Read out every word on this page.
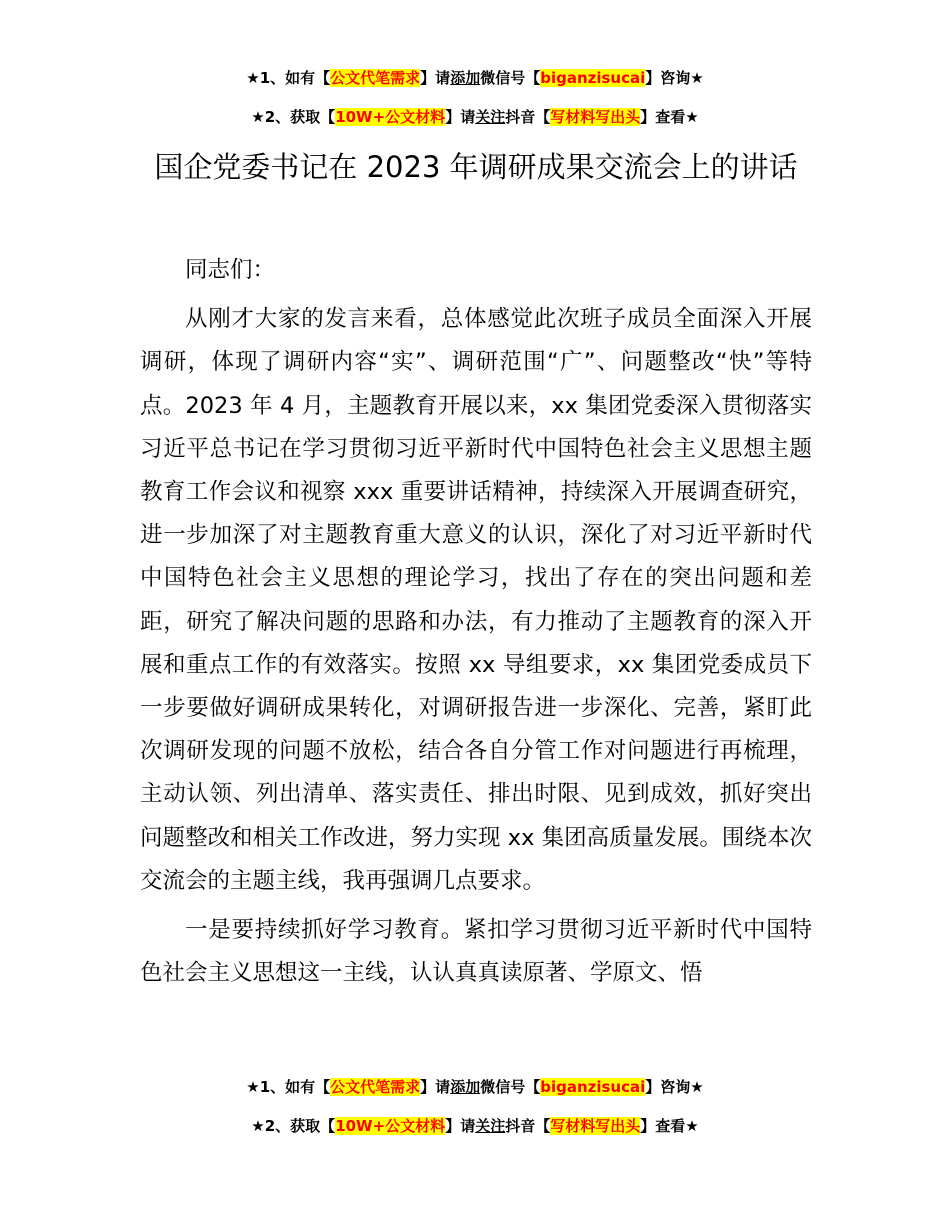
★1、如有【公文代笔需求】请添加微信号【biganzisucai】咨询★
★2、获取【10W+公文材料】请关注抖音【写材料写出头】查看★
国企党委书记在 2023 年调研成果交流会上的讲话

同志们：

从刚才大家的发言来看，总体感觉此次班子成员全面深入开展调研，体现了调研内容“实”、调研范围“广”、问题整改“快”等特点。2023 年 4 月，主题教育开展以来，xx 集团党委深入贯彻落实习近平总书记在学习贯彻习近平新时代中国特色社会主义思想主题教育工作会议和视察 xxx 重要讲话精神，持续深入开展调查研究，进一步加深了对主题教育重大意义的认识，深化了对习近平新时代中国特色社会主义思想的理论学习，找出了存在的突出问题和差距，研究了解决问题的思路和办法，有力推动了主题教育的深入开展和重点工作的有效落实。按照 xx 导组要求，xx 集团党委成员下一步要做好调研成果转化，对调研报告进一步深化、完善，紧盯此次调研发现的问题不放松，结合各自分管工作对问题进行再梳理，主动认领、列出清单、落实责任、排出时限、见到成效，抓好突出问题整改和相关工作改进，努力实现 xx 集团高质量发展。围绕本次交流会的主题主线，我再强调几点要求。

一是要持续抓好学习教育。紧扣学习贯彻习近平新时代中国特色社会主义思想这一主线，认认真真读原著、学原文、悟

★1、如有【公文代笔需求】请添加微信号【biganzisucai】咨询★
★2、获取【10W+公文材料】请关注抖音【写材料写出头】查看★
